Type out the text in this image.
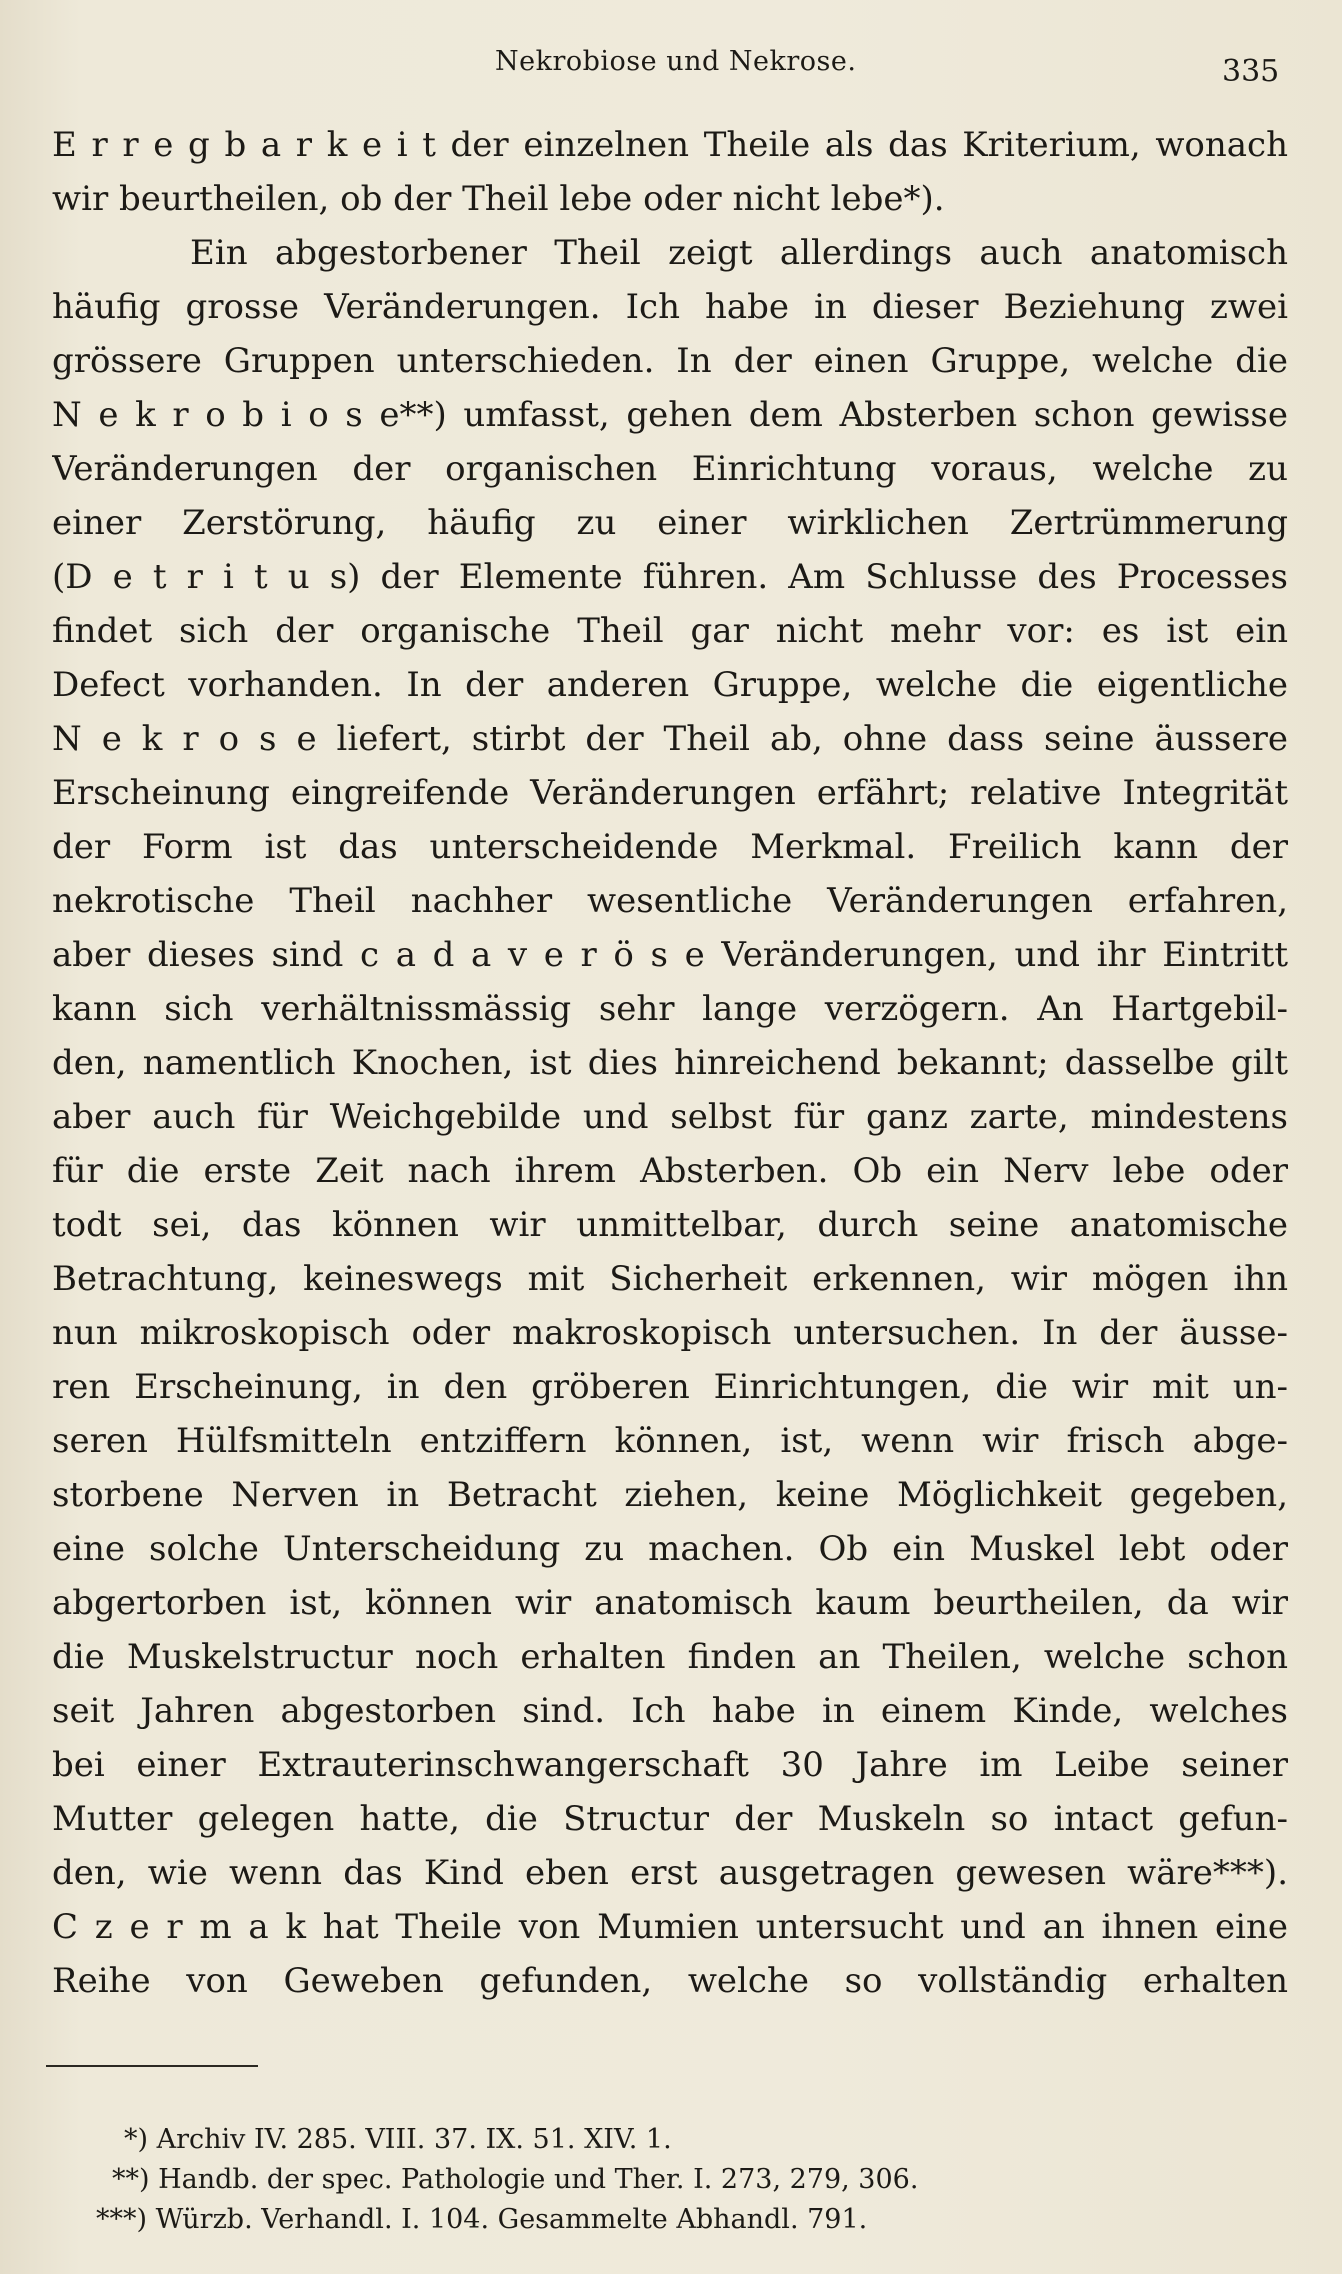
Nekrobiose und Nekrose.	335
E r r e g b a r k e i t der einzelnen Theile als das Kriterium, wonach
wir beurtheilen, ob der Theil lebe oder nicht lebe*).
Ein abgestorbener Theil zeigt allerdings auch anatomisch
häufig grosse Veränderungen. Ich habe in dieser Beziehung zwei
grössere Gruppen unterschieden. In der einen Gruppe, welche die
N e k r o b i o s e**) umfasst, gehen dem Absterben schon gewisse
Veränderungen der organischen Einrichtung voraus, welche zu
einer Zerstörung, häufig zu einer wirklichen Zertrümmerung
(D e t r i t u s) der Elemente führen. Am Schlusse des Processes
findet sich der organische Theil gar nicht mehr vor: es ist ein
Defect vorhanden. In der anderen Gruppe, welche die eigentliche
N e k r o s e liefert, stirbt der Theil ab, ohne dass seine äussere
Erscheinung eingreifende Veränderungen erfährt; relative Integrität
der Form ist das unterscheidende Merkmal. Freilich kann der
nekrotische Theil nachher wesentliche Veränderungen erfahren,
aber dieses sind c a d a v e r ö s e Veränderungen, und ihr Eintritt
kann sich verhältnissmässig sehr lange verzögern. An Hartgebil-
den, namentlich Knochen, ist dies hinreichend bekannt; dasselbe gilt
aber auch für Weichgebilde und selbst für ganz zarte, mindestens
für die erste Zeit nach ihrem Absterben. Ob ein Nerv lebe oder
todt sei, das können wir unmittelbar, durch seine anatomische
Betrachtung, keineswegs mit Sicherheit erkennen, wir mögen ihn
nun mikroskopisch oder makroskopisch untersuchen. In der äusse-
ren Erscheinung, in den gröberen Einrichtungen, die wir mit un-
seren Hülfsmitteln entziffern können, ist, wenn wir frisch abge-
storbene Nerven in Betracht ziehen, keine Möglichkeit gegeben,
eine solche Unterscheidung zu machen. Ob ein Muskel lebt oder
abgertorben ist, können wir anatomisch kaum beurtheilen, da wir
die Muskelstructur noch erhalten finden an Theilen, welche schon
seit Jahren abgestorben sind. Ich habe in einem Kinde, welches
bei einer Extrauterinschwangerschaft 30 Jahre im Leibe seiner
Mutter gelegen hatte, die Structur der Muskeln so intact gefun-
den, wie wenn das Kind eben erst ausgetragen gewesen wäre***).
C z e r m a k hat Theile von Mumien untersucht und an ihnen eine
Reihe von Geweben gefunden, welche so vollständig erhalten
*) Archiv IV. 285. VIII. 37. IX. 51. XIV. 1.
**) Handb. der spec. Pathologie und Ther. I. 273, 279, 306.
***) Würzb. Verhandl. I. 104. Gesammelte Abhandl. 791.
